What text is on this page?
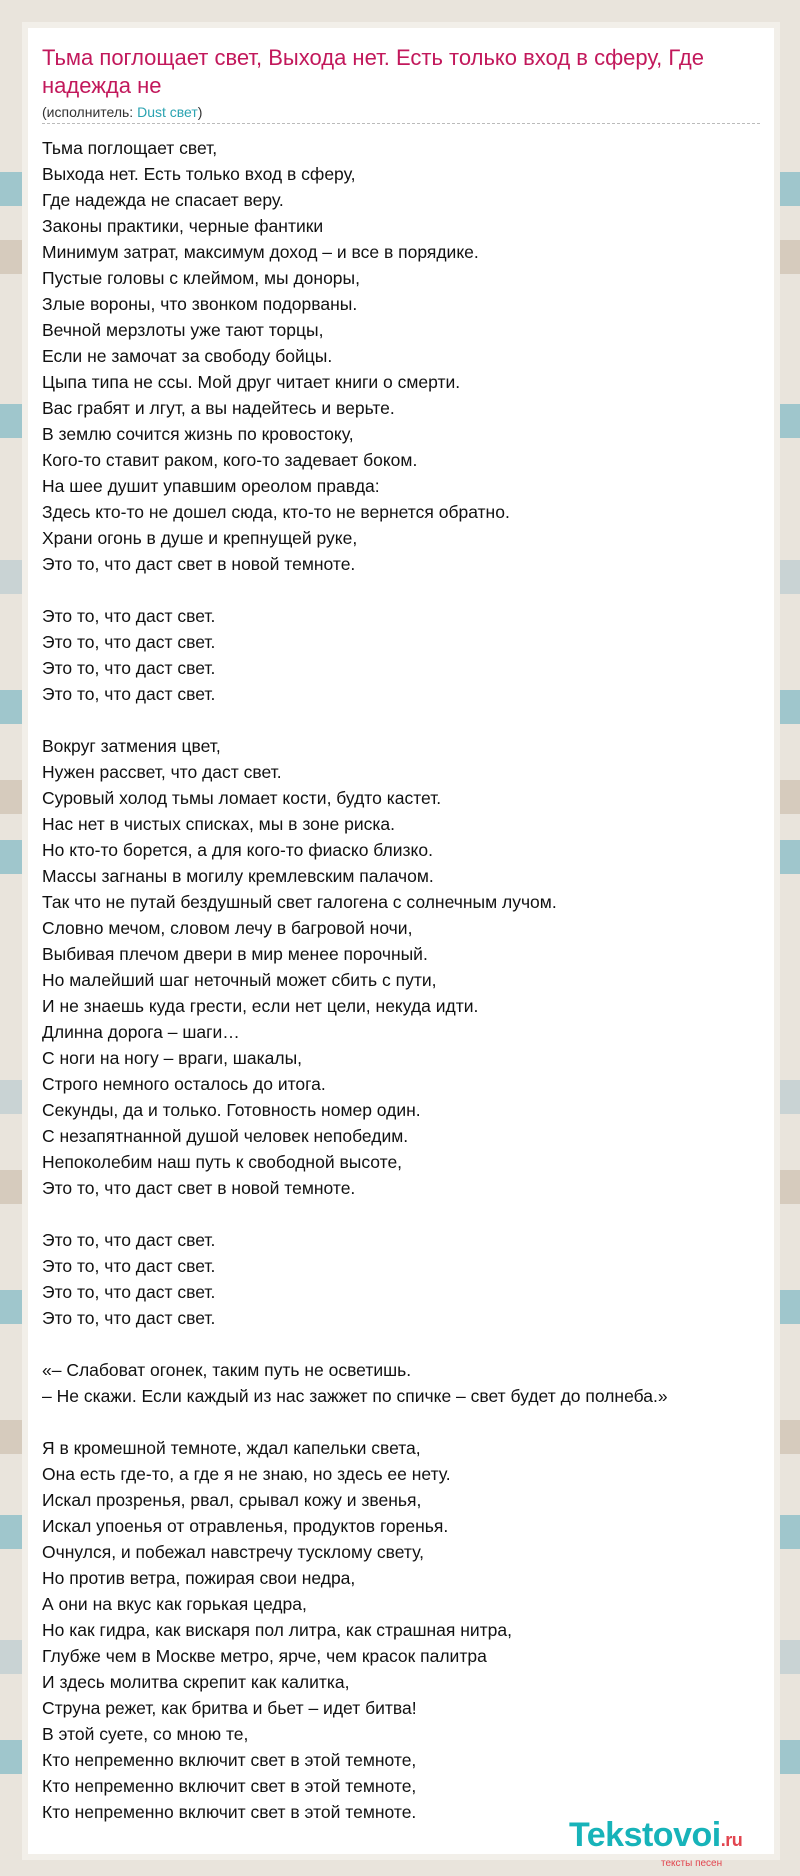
Тьма поглощает свет, Выхода нет. Есть только вход в сферу, Где надежда не
(исполнитель: Dust свет)
Тьма поглощает свет,
Выхода нет. Есть только вход в сферу,
Где надежда не спасает веру.
Законы практики, черные фантики
Минимум затрат, максимум доход – и все в порядике.
Пустые головы с клеймом, мы доноры,
Злые вороны, что звонком подорваны.
Вечной мерзлоты уже тают торцы,
Если не замочат за свободу бойцы.
Цыпа типа не ссы. Мой друг читает книги о смерти.
Вас грабят и лгут, а вы надейтесь и верьте.
В землю сочится жизнь по кровостоку,
Кого-то ставит раком, кого-то задевает боком.
На шее душит упавшим ореолом правда:
Здесь кто-то не дошел сюда, кто-то не вернется обратно.
Храни огонь в душе и крепнущей руке,
Это то, что даст свет в новой темноте.
Это то, что даст свет.
Это то, что даст свет.
Это то, что даст свет.
Это то, что даст свет.
Вокруг затмения цвет,
Нужен рассвет, что даст свет.
Суровый холод тьмы ломает кости, будто кастет.
Нас нет в чистых списках, мы в зоне риска.
Но кто-то борется, а для кого-то фиаско близко.
Массы загнаны в могилу кремлевским палачом.
Так что не путай бездушный свет галогена с солнечным лучом.
Словно мечом, словом лечу в багровой ночи,
Выбивая плечом двери в мир менее порочный.
Но малейший шаг неточный может сбить с пути,
И не знаешь куда грести, если нет цели, некуда идти.
Длинна дорога – шаги…
С ноги на ногу – враги, шакалы,
Строго немного осталось до итога.
Секунды, да и только. Готовность номер один.
С незапятнанной душой человек непобедим.
Непоколебим наш путь к свободной высоте,
Это то, что даст свет в новой темноте.
Это то, что даст свет.
Это то, что даст свет.
Это то, что даст свет.
Это то, что даст свет.
«– Слабоват огонек, таким путь не осветишь.
– Не скажи. Если каждый из нас зажжет по спичке – свет будет до полнеба.»
Я в кромешной темноте, ждал капельки света,
Она есть где-то, а где я не знаю, но здесь ее нету.
Искал прозренья, рвал, срывал кожу и звенья,
Искал упоенья от отравленья, продуктов горенья.
Очнулся, и побежал навстречу тусклому свету,
Но против ветра, пожирая свои недра,
А они на вкус как горькая цедра,
Но как гидра, как вискаря пол литра, как страшная нитра,
Глубже чем в Москве метро, ярче, чем красок палитра
И здесь молитва скрепит как калитка,
Струна режет, как бритва и бьет – идет битва!
В этой суете, со мною те,
Кто непременно включит свет в этой темноте,
Кто непременно включит свет в этой темноте,
Кто непременно включит свет в этой темноте.
Tekstovoi.ru
тексты песен
